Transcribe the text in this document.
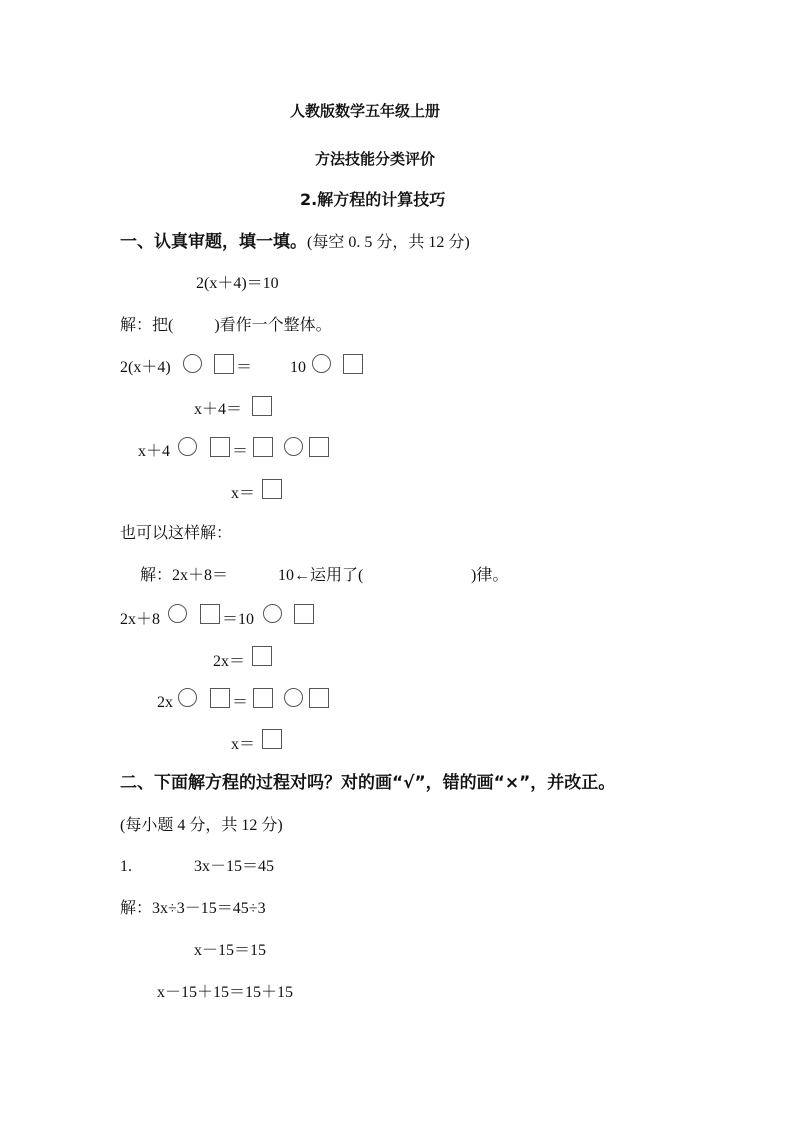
人教版数学五年级上册
方法技能分类评价
2.解方程的计算技巧
一、认真审题，填一填。(每空 0. 5 分，共 12 分)
2(x＋4)＝10
解：把(	)看作一个整体。
2(x＋4)	＝ 10
x＋4＝
x＋4	＝
x＝
也可以这样解：
解：2x＋8＝	10←运用了(	)律。
2x＋8	＝10
2x＝
2x	＝
x＝
二、下面解方程的过程对吗？对的画“√”，错的画“×”，并改正。
(每小题 4 分，共 12 分)
1.	3x－15＝45
解：3x÷3－15＝45÷3
x－15＝15
x－15＋15＝15＋15
